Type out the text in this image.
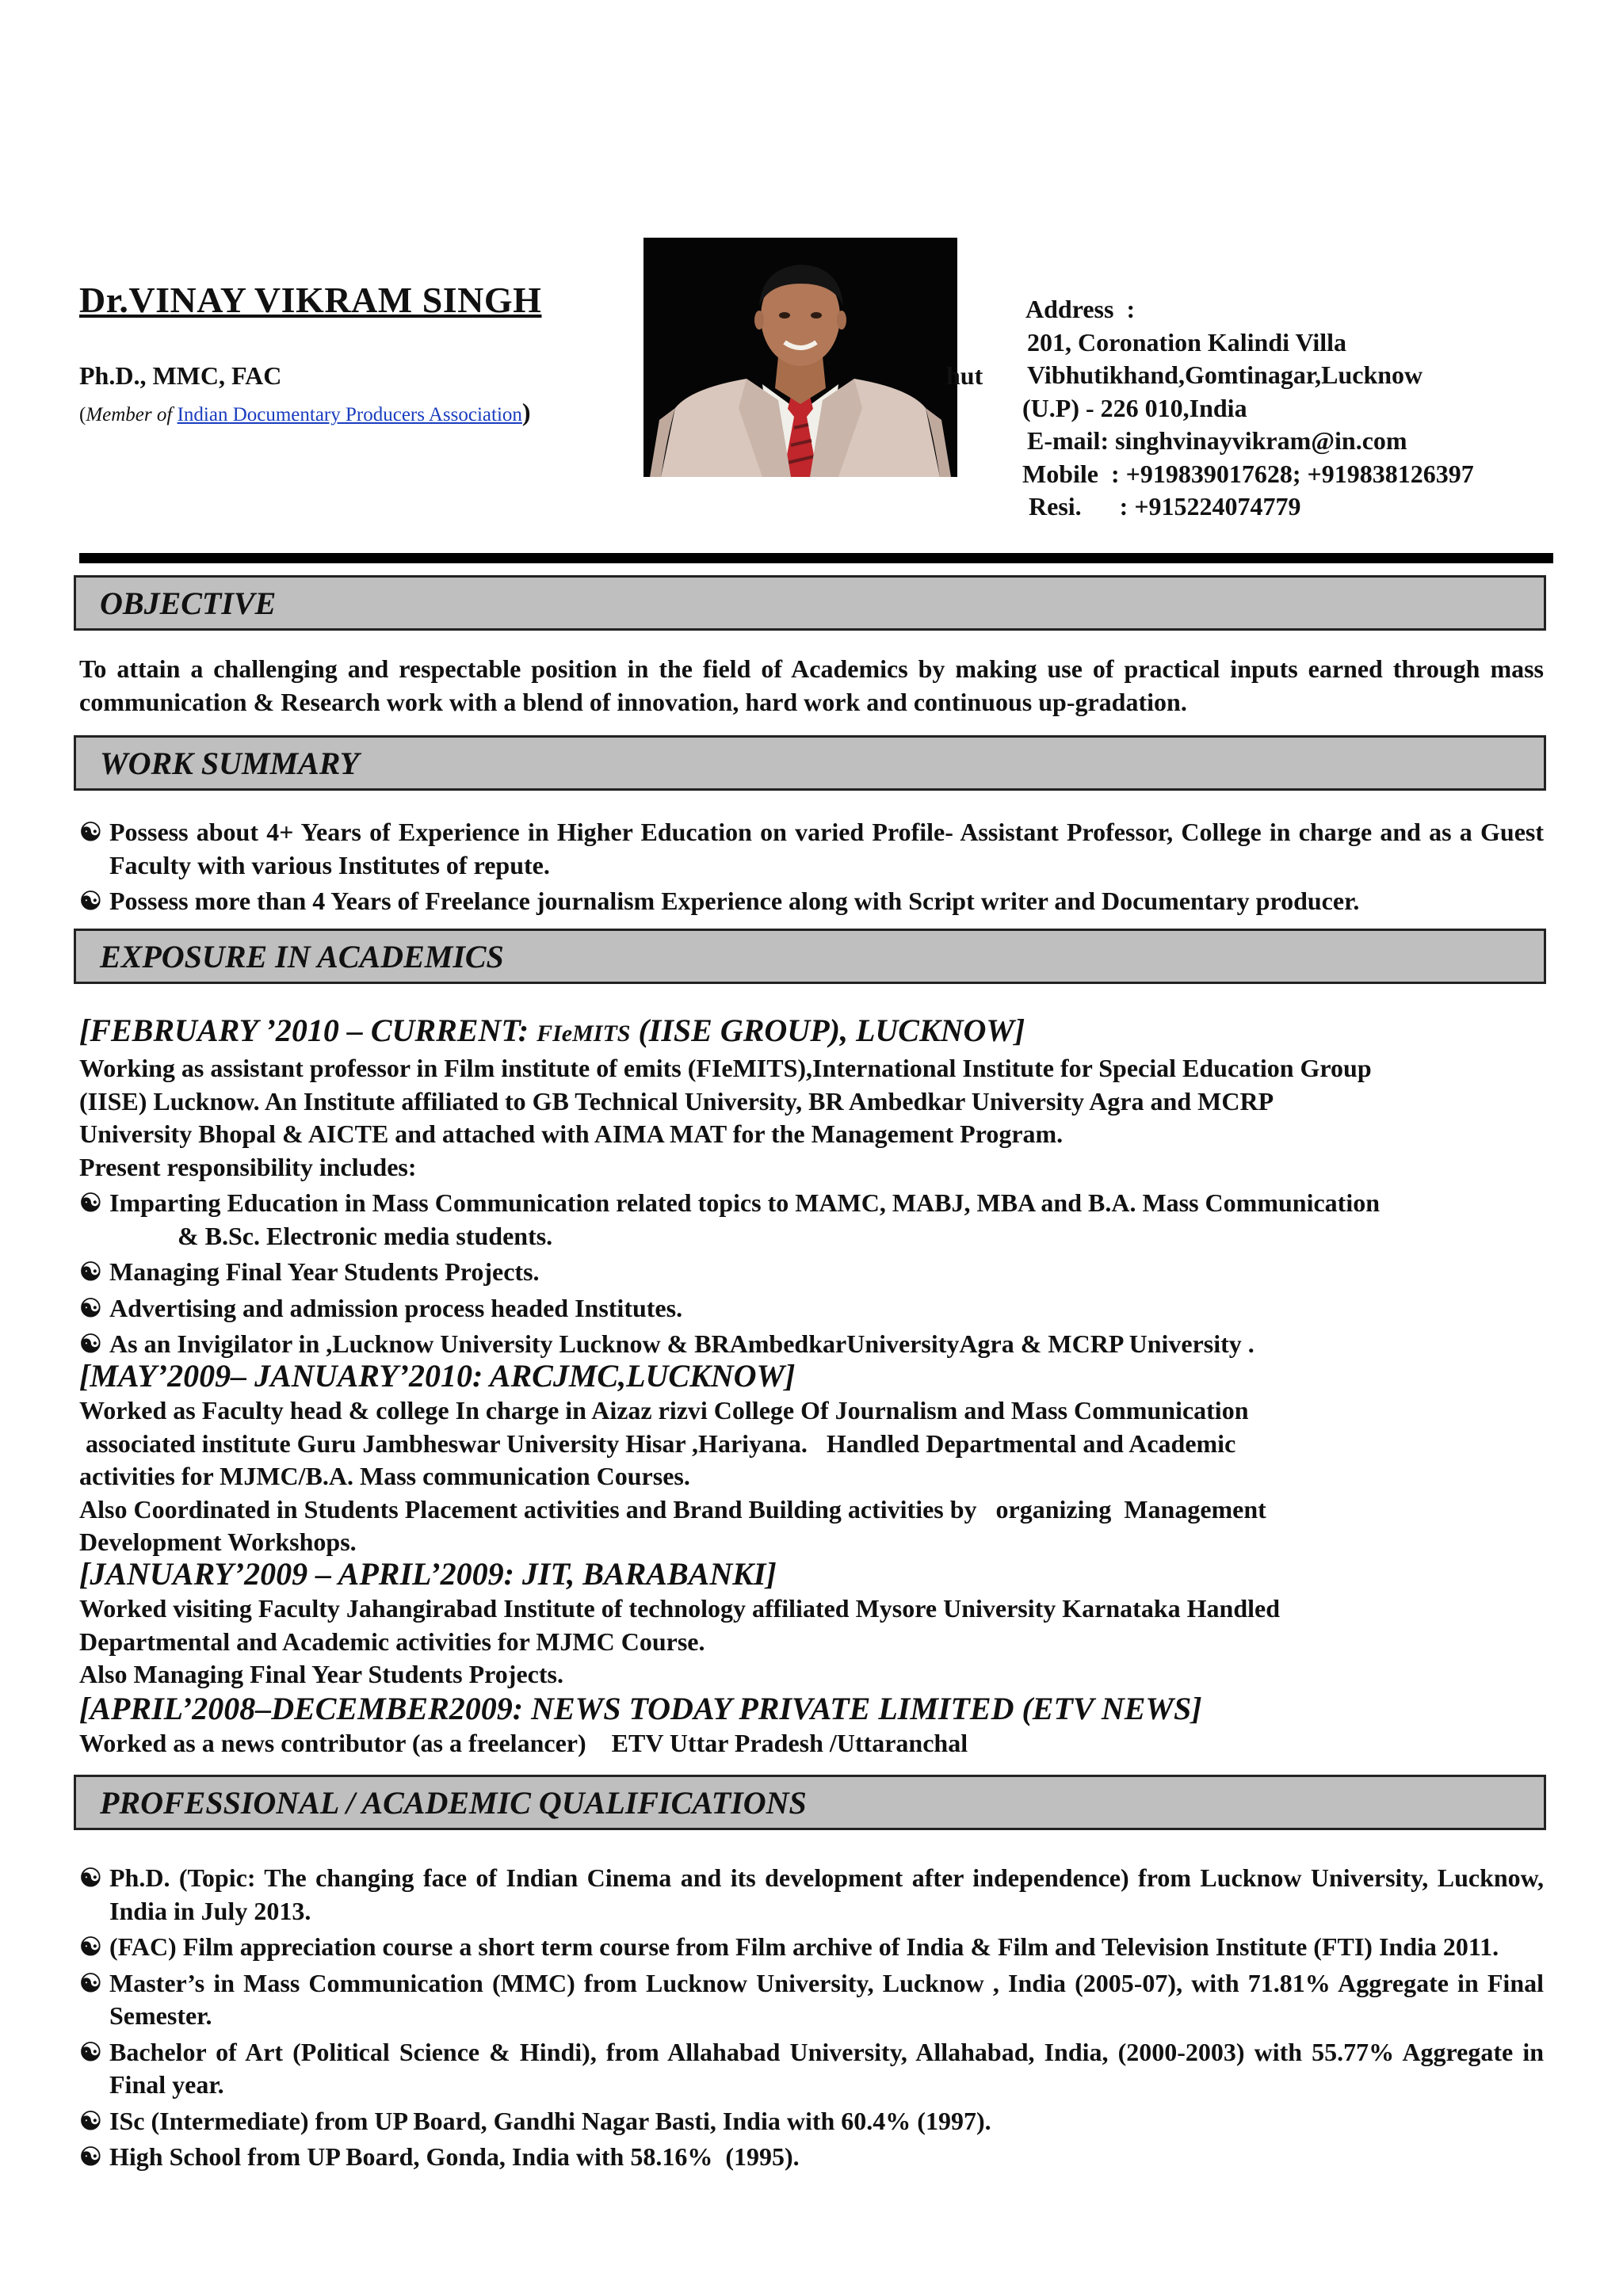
Dr.VINAY VIKRAM SINGH
Ph.D., MMC, FAC
(Member of Indian Documentary Producers Association)
hut
Address  :
201, Coronation Kalindi Villa
Vibhutikhand,Gomtinagar,Lucknow
(U.P) - 226 010,India
E-mail: singhvinayvikram@in.com
Mobile  : +919839017628; +919838126397
Resi.      : +915224074779
OBJECTIVE
To attain a challenging and respectable position in the field of Academics by making use of practical inputs earned through mass communication & Research work with a blend of innovation, hard work and continuous up-gradation.
WORK SUMMARY
☯ Possess about 4+ Years of Experience in Higher Education on varied Profile- Assistant Professor, College in charge and as a Guest Faculty with various Institutes of repute.
☯ Possess more than 4 Years of Freelance journalism Experience along with Script writer and Documentary producer.
EXPOSURE IN ACADEMICS
[FEBRUARY ’2010 – CURRENT: FIeMITS (IISE GROUP), LUCKNOW]
Working as assistant professor in Film institute of emits (FIeMITS),International Institute for Special Education Group
(IISE) Lucknow. An Institute affiliated to GB Technical University, BR Ambedkar University Agra and MCRP
University Bhopal & AICTE and attached with AIMA MAT for the Management Program.
Present responsibility includes:
☯ Imparting Education in Mass Communication related topics to MAMC, MABJ, MBA and B.A. Mass Communication
& B.Sc. Electronic media students.
☯ Managing Final Year Students Projects.
☯ Advertising and admission process headed Institutes.
☯ As an Invigilator in ,Lucknow University Lucknow & BRAmbedkarUniversityAgra & MCRP University .
[MAY’2009– JANUARY’2010: ARCJMC,LUCKNOW]
Worked as Faculty head & college In charge in Aizaz rizvi College Of Journalism and Mass Communication
associated institute Guru Jambheswar University Hisar ,Hariyana.   Handled Departmental and Academic
activities for MJMC/B.A. Mass communication Courses.
Also Coordinated in Students Placement activities and Brand Building activities by   organizing  Management
Development Workshops.
[JANUARY’2009 – APRIL’2009: JIT, BARABANKI]
Worked visiting Faculty Jahangirabad Institute of technology affiliated Mysore University Karnataka Handled
Departmental and Academic activities for MJMC Course.
Also Managing Final Year Students Projects.
[APRIL’2008–DECEMBER2009: NEWS TODAY PRIVATE LIMITED (ETV NEWS]
Worked as a news contributor (as a freelancer)    ETV Uttar Pradesh /Uttaranchal
PROFESSIONAL / ACADEMIC QUALIFICATIONS
☯ Ph.D. (Topic: The changing face of Indian Cinema and its development after independence) from Lucknow University, Lucknow, India in July 2013.
☯ (FAC) Film appreciation course a short term course from Film archive of India & Film and Television Institute (FTI) India 2011.
☯ Master’s in Mass Communication (MMC) from Lucknow University, Lucknow , India (2005-07), with 71.81% Aggregate in Final Semester.
☯ Bachelor of Art (Political Science & Hindi), from Allahabad University, Allahabad, India, (2000-2003) with 55.77% Aggregate in Final year.
☯ ISc (Intermediate) from UP Board, Gandhi Nagar Basti, India with 60.4% (1997).
☯ High School from UP Board, Gonda, India with 58.16%  (1995).
